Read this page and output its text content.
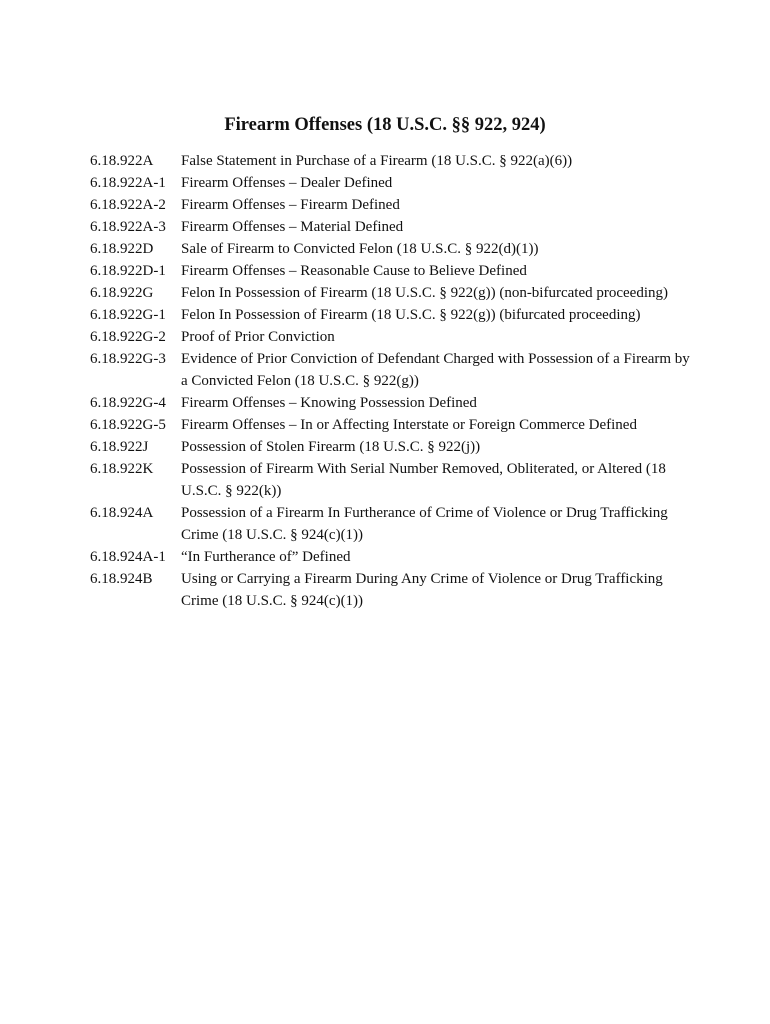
Firearm Offenses (18 U.S.C. §§ 922, 924)
6.18.922A	False Statement in Purchase of a Firearm (18 U.S.C. § 922(a)(6))
6.18.922A-1	Firearm Offenses – Dealer Defined
6.18.922A-2	Firearm Offenses – Firearm Defined
6.18.922A-3	Firearm Offenses – Material Defined
6.18.922D	Sale of Firearm to Convicted Felon (18 U.S.C. § 922(d)(1))
6.18.922D-1	Firearm Offenses – Reasonable Cause to Believe Defined
6.18.922G	Felon In Possession of Firearm (18 U.S.C. § 922(g)) (non-bifurcated proceeding)
6.18.922G-1	Felon In Possession of Firearm (18 U.S.C. § 922(g)) (bifurcated proceeding)
6.18.922G-2	Proof of Prior Conviction
6.18.922G-3	Evidence of Prior Conviction of Defendant Charged with Possession of a Firearm by a Convicted Felon (18 U.S.C. § 922(g))
6.18.922G-4	Firearm Offenses – Knowing Possession Defined
6.18.922G-5	Firearm Offenses – In or Affecting Interstate or Foreign Commerce Defined
6.18.922J	Possession of Stolen Firearm (18 U.S.C. § 922(j))
6.18.922K	Possession of Firearm With Serial Number Removed, Obliterated, or Altered (18 U.S.C. § 922(k))
6.18.924A	Possession of a Firearm In Furtherance of Crime of Violence or Drug Trafficking Crime (18 U.S.C. § 924(c)(1))
6.18.924A-1	“In Furtherance of” Defined
6.18.924B	Using or Carrying a Firearm During Any Crime of Violence or Drug Trafficking Crime (18 U.S.C. § 924(c)(1))
